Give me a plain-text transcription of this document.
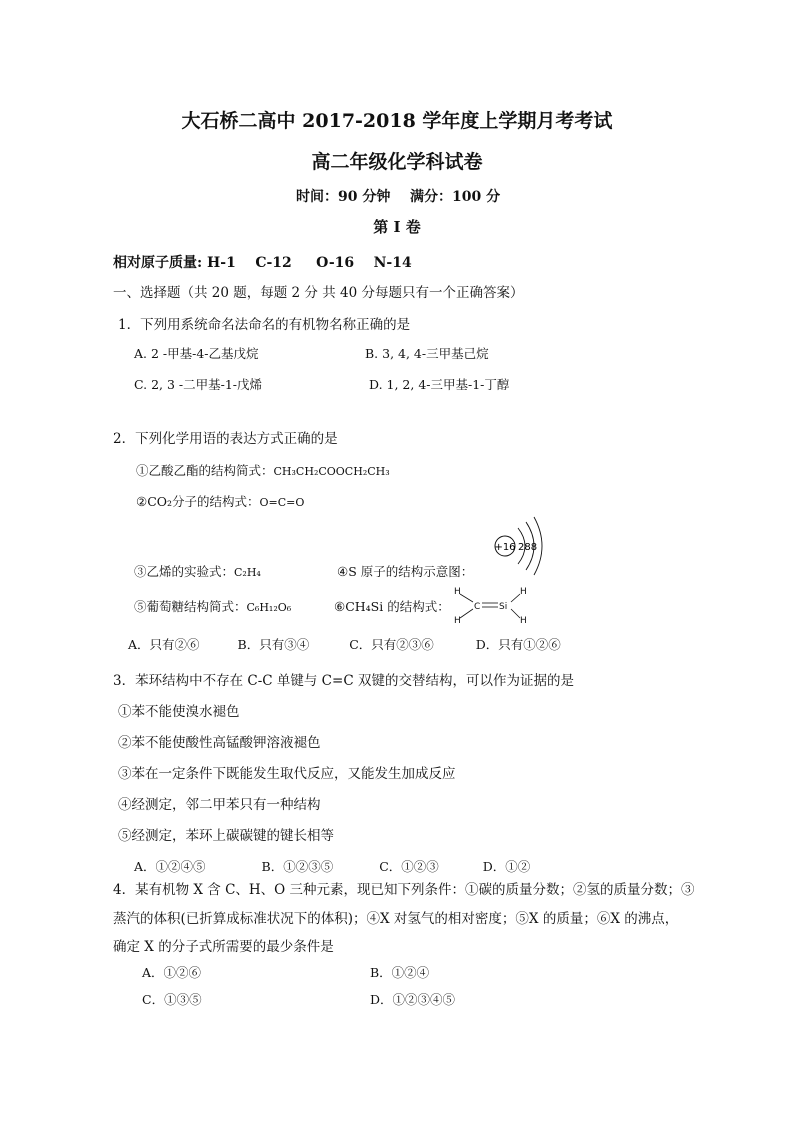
大石桥二高中 2017-2018 学年度上学期月考考试
高二年级化学科试卷
时间：90 分钟 满分：100 分
第 I 卷
相对原子质量: H-1    C-12     O-16    N-14
一、选择题（共 20 题，每题 2 分 共 40 分每题只有一个正确答案）
1．下列用系统命名法命名的有机物名称正确的是
A. 2 -甲基-4-乙基戊烷	B. 3, 4, 4-三甲基己烷
C. 2, 3 -二甲基-1-戊烯	D. 1, 2, 4-三甲基-1-丁醇
2．下列化学用语的表达方式正确的是
①乙酸乙酯的结构简式：CH₃CH₂COOCH₂CH₃
②CO₂分子的结构式：O=C=O
+16 288
③乙烯的实验式：C₂H₄	④S 原子的结构示意图：
⑤葡萄糖结构简式：C₆H₁₂O₆	⑥CH₄Si 的结构式：
H
H
C Si
H
H
A．只有②⑥	B．只有③④	C．只有②③⑥	D．只有①②⑥
3．苯环结构中不存在 C-C 单键与 C=C 双键的交替结构，可以作为证据的是
①苯不能使溴水褪色
②苯不能使酸性高锰酸钾溶液褪色
③苯在一定条件下既能发生取代反应，又能发生加成反应
④经测定，邻二甲苯只有一种结构
⑤经测定，苯环上碳碳键的键长相等
A．①②④⑤	B．①②③⑤	C．①②③	D．①②
4．某有机物 X 含 C、H、O 三种元素，现已知下列条件：①碳的质量分数；②氢的质量分数；③
蒸汽的体积(已折算成标准状况下的体积)；④X 对氢气的相对密度；⑤X 的质量；⑥X 的沸点，
确定 X 的分子式所需要的最少条件是
A．①②⑥	B．①②④
C．①③⑤	D．①②③④⑤
